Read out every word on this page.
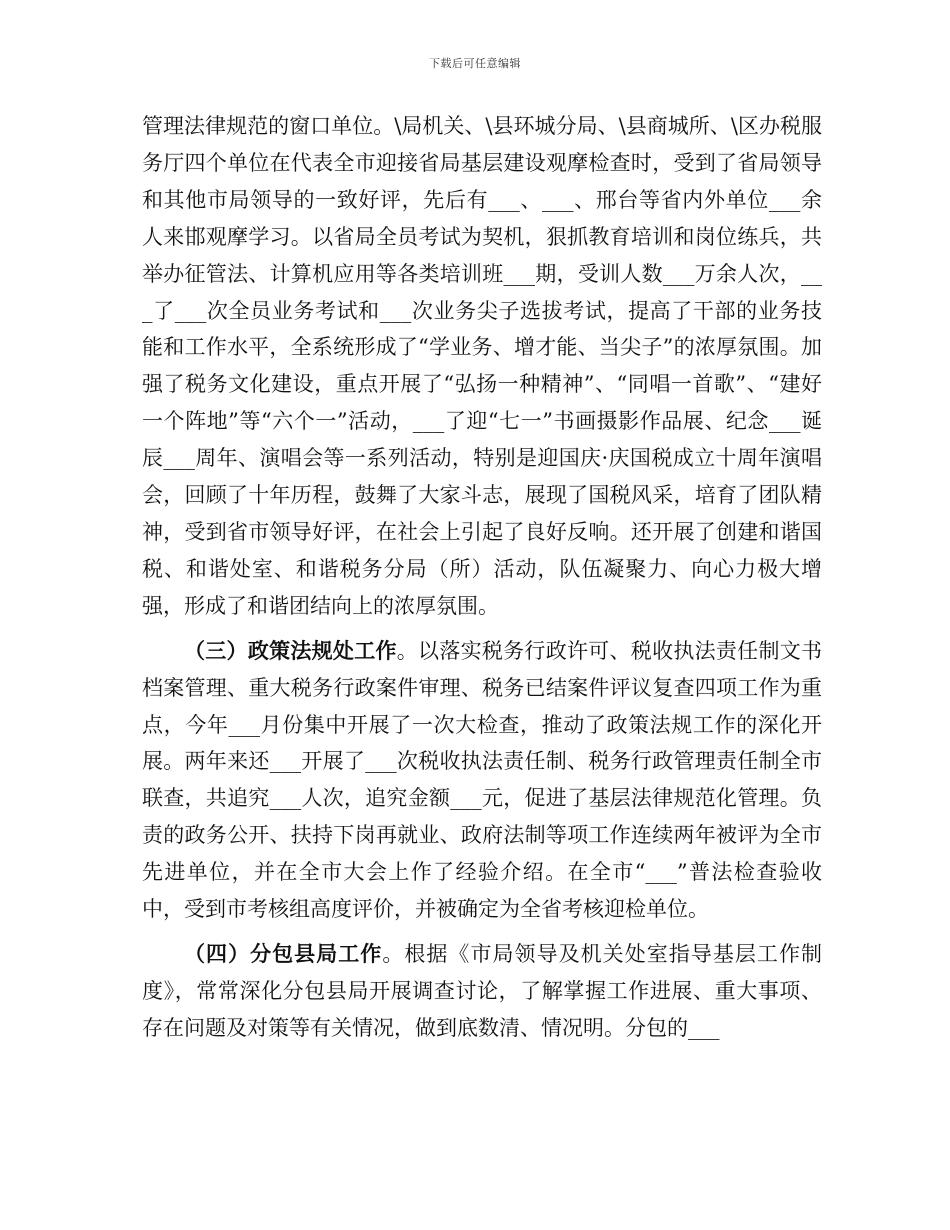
下载后可任意编辑

管理法律规范的窗口单位。\局机关、\县环城分局、\县商城所、\区办税服务厅四个单位在代表全市迎接省局基层建设观摩检查时，受到了省局领导和其他市局领导的一致好评，先后有___、___、邢台等省内外单位___余人来邯观摩学习。以省局全员考试为契机，狠抓教育培训和岗位练兵，共举办征管法、计算机应用等各类培训班___期，受训人数___万余人次，___了___次全员业务考试和___次业务尖子选拔考试，提高了干部的业务技能和工作水平，全系统形成了“学业务、增才能、当尖子”的浓厚氛围。加强了税务文化建设，重点开展了“弘扬一种精神”、“同唱一首歌”、“建好一个阵地”等“六个一”活动，___了迎“七一”书画摄影作品展、纪念___诞辰___周年、演唱会等一系列活动，特别是迎国庆·庆国税成立十周年演唱会，回顾了十年历程，鼓舞了大家斗志，展现了国税风采，培育了团队精神，受到省市领导好评，在社会上引起了良好反响。还开展了创建和谐国税、和谐处室、和谐税务分局（所）活动，队伍凝聚力、向心力极大增强，形成了和谐团结向上的浓厚氛围。

（三）政策法规处工作。以落实税务行政许可、税收执法责任制文书档案管理、重大税务行政案件审理、税务已结案件评议复查四项工作为重点，今年___月份集中开展了一次大检查，推动了政策法规工作的深化开展。两年来还___开展了___次税收执法责任制、税务行政管理责任制全市联查，共追究___人次，追究金额___元，促进了基层法律规范化管理。负责的政务公开、扶持下岗再就业、政府法制等项工作连续两年被评为全市先进单位，并在全市大会上作了经验介绍。在全市“___”普法检查验收中，受到市考核组高度评价，并被确定为全省考核迎检单位。

（四）分包县局工作。根据《市局领导及机关处室指导基层工作制度》，常常深化分包县局开展调查讨论，了解掌握工作进展、重大事项、存在问题及对策等有关情况，做到底数清、情况明。分包的___
